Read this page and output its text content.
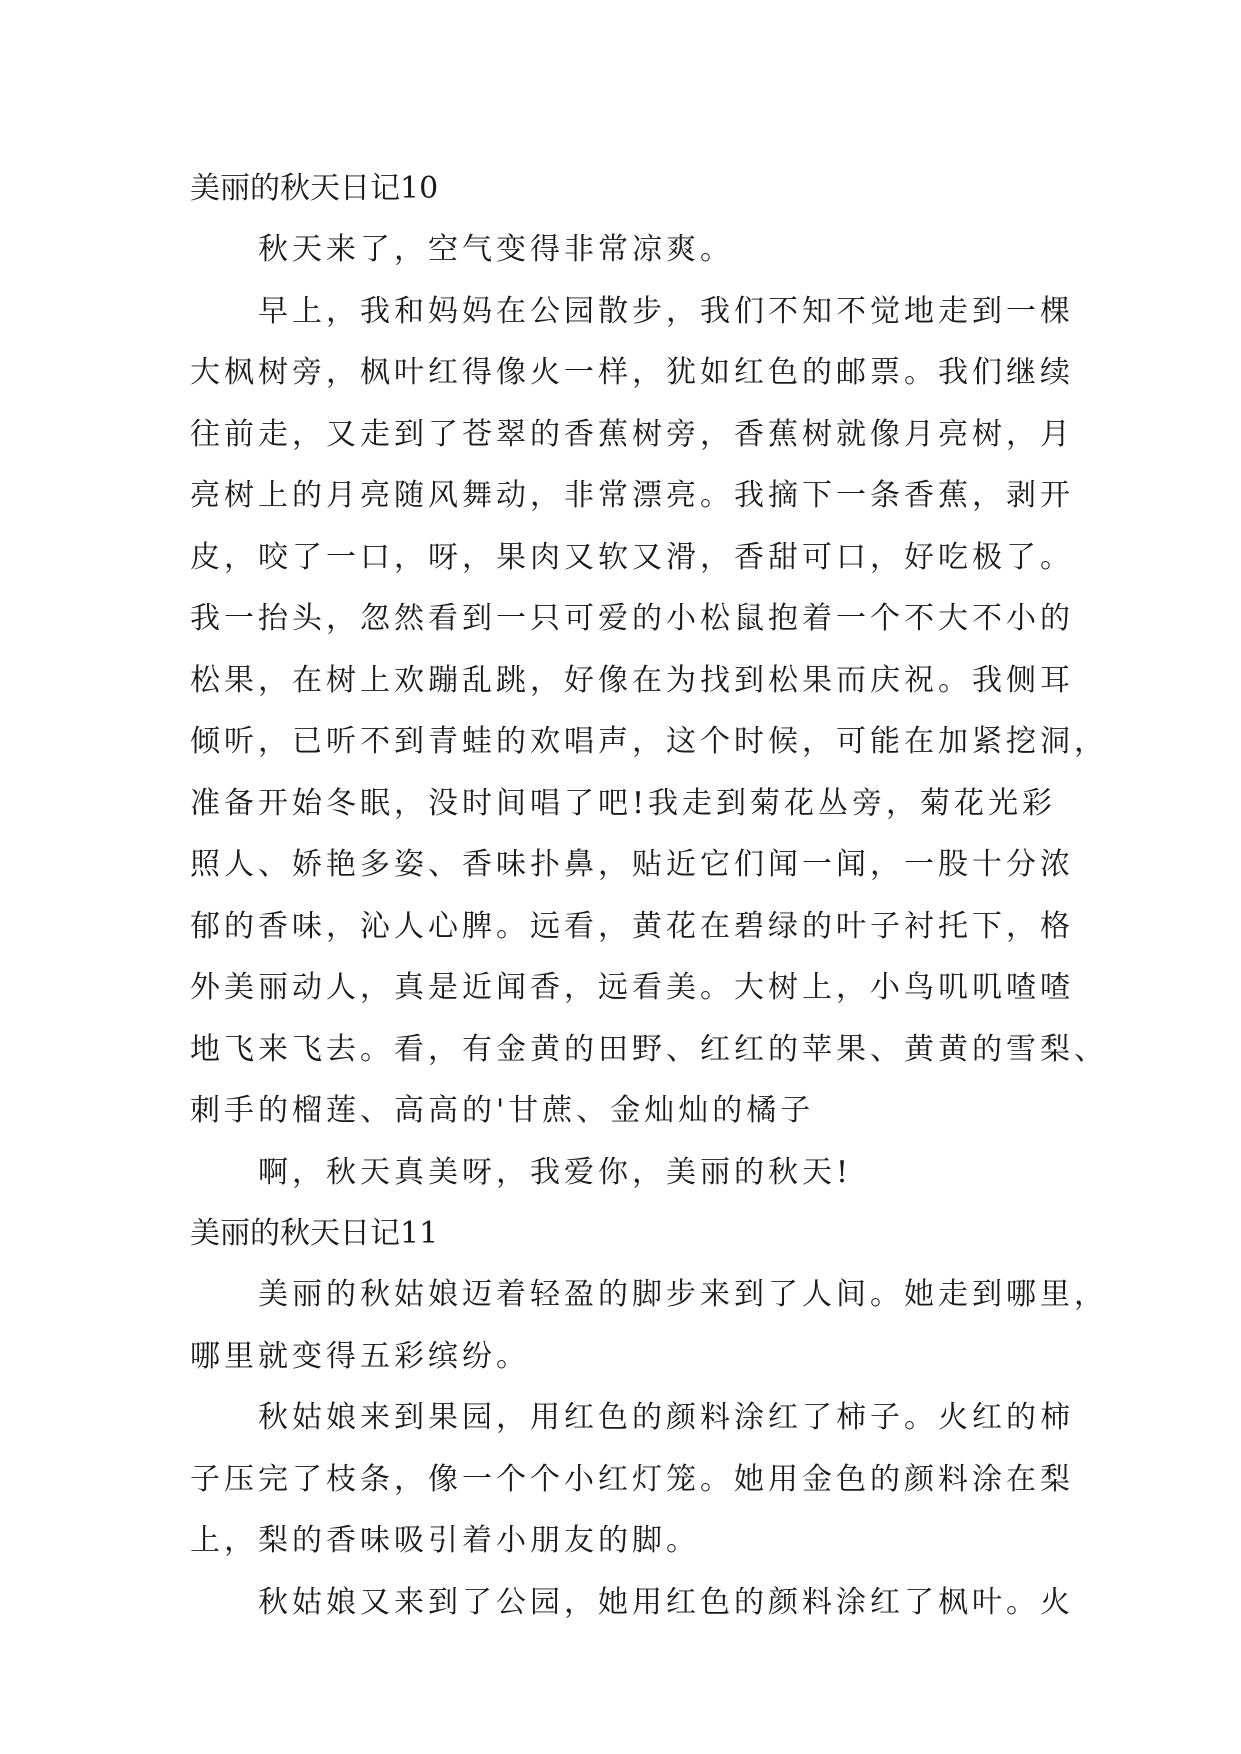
美丽的秋天日记10

秋天来了，空气变得非常凉爽。

早上，我和妈妈在公园散步，我们不知不觉地走到一棵
大枫树旁，枫叶红得像火一样，犹如红色的邮票。我们继续
往前走，又走到了苍翠的香蕉树旁，香蕉树就像月亮树，月
亮树上的月亮随风舞动，非常漂亮。我摘下一条香蕉，剥开
皮，咬了一口，呀，果肉又软又滑，香甜可口，好吃极了。
我一抬头，忽然看到一只可爱的小松鼠抱着一个不大不小的
松果，在树上欢蹦乱跳，好像在为找到松果而庆祝。我侧耳
倾听，已听不到青蛙的欢唱声，这个时候，可能在加紧挖洞，
准备开始冬眠，没时间唱了吧!我走到菊花丛旁，菊花光彩
照人、娇艳多姿、香味扑鼻，贴近它们闻一闻，一股十分浓
郁的香味，沁人心脾。远看，黄花在碧绿的叶子衬托下，格
外美丽动人，真是近闻香，远看美。大树上，小鸟叽叽喳喳
地飞来飞去。看，有金黄的田野、红红的苹果、黄黄的雪梨、
刺手的榴莲、高高的'甘蔗、金灿灿的橘子

啊，秋天真美呀，我爱你，美丽的秋天!

美丽的秋天日记11

美丽的秋姑娘迈着轻盈的脚步来到了人间。她走到哪里，
哪里就变得五彩缤纷。

秋姑娘来到果园，用红色的颜料涂红了柿子。火红的柿
子压完了枝条，像一个个小红灯笼。她用金色的颜料涂在梨
上，梨的香味吸引着小朋友的脚。

秋姑娘又来到了公园，她用红色的颜料涂红了枫叶。火
